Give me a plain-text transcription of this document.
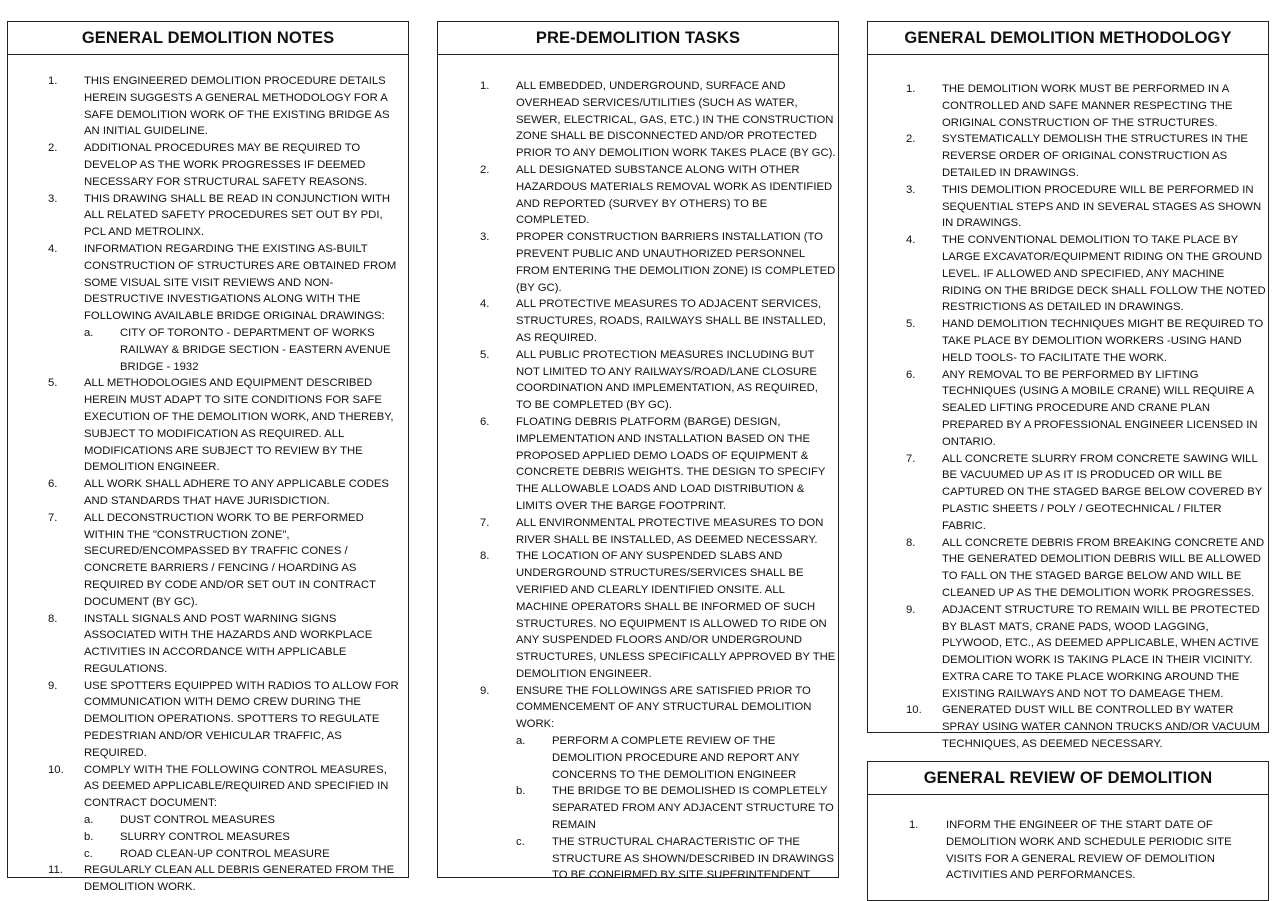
GENERAL DEMOLITION NOTES
1. THIS ENGINEERED DEMOLITION PROCEDURE DETAILS HEREIN SUGGESTS A GENERAL METHODOLOGY FOR A SAFE DEMOLITION WORK OF THE EXISTING BRIDGE AS AN INITIAL GUIDELINE.
2. ADDITIONAL PROCEDURES MAY BE REQUIRED TO DEVELOP AS THE WORK PROGRESSES IF DEEMED NECESSARY FOR STRUCTURAL SAFETY REASONS.
3. THIS DRAWING SHALL BE READ IN CONJUNCTION WITH ALL RELATED SAFETY PROCEDURES SET OUT BY PDI, PCL AND METROLINX.
4. INFORMATION REGARDING THE EXISTING AS-BUILT CONSTRUCTION OF STRUCTURES ARE OBTAINED FROM SOME VISUAL SITE VISIT REVIEWS AND NON-DESTRUCTIVE INVESTIGATIONS ALONG WITH THE FOLLOWING AVAILABLE BRIDGE ORIGINAL DRAWINGS:
a. CITY OF TORONTO - DEPARTMENT OF WORKS RAILWAY & BRIDGE SECTION - EASTERN AVENUE BRIDGE - 1932
5. ALL METHODOLOGIES AND EQUIPMENT DESCRIBED HEREIN MUST ADAPT TO SITE CONDITIONS FOR SAFE EXECUTION OF THE DEMOLITION WORK, AND THEREBY, SUBJECT TO MODIFICATION AS REQUIRED. ALL MODIFICATIONS ARE SUBJECT TO REVIEW BY THE DEMOLITION ENGINEER.
6. ALL WORK SHALL ADHERE TO ANY APPLICABLE CODES AND STANDARDS THAT HAVE JURISDICTION.
7. ALL DECONSTRUCTION WORK TO BE PERFORMED WITHIN THE "CONSTRUCTION ZONE", SECURED/ENCOMPASSED BY TRAFFIC CONES / CONCRETE BARRIERS / FENCING / HOARDING AS REQUIRED BY CODE AND/OR SET OUT IN CONTRACT DOCUMENT (BY GC).
8. INSTALL SIGNALS AND POST WARNING SIGNS ASSOCIATED WITH THE HAZARDS AND WORKPLACE ACTIVITIES IN ACCORDANCE WITH APPLICABLE REGULATIONS.
9. USE SPOTTERS EQUIPPED WITH RADIOS TO ALLOW FOR COMMUNICATION WITH DEMO CREW DURING THE DEMOLITION OPERATIONS. SPOTTERS TO REGULATE PEDESTRIAN AND/OR VEHICULAR TRAFFIC, AS REQUIRED.
10. COMPLY WITH THE FOLLOWING CONTROL MEASURES, AS DEEMED APPLICABLE/REQUIRED AND SPECIFIED IN CONTRACT DOCUMENT:
a. DUST CONTROL MEASURES
b. SLURRY CONTROL MEASURES
c. ROAD CLEAN-UP CONTROL MEASURE
11. REGULARLY CLEAN ALL DEBRIS GENERATED FROM THE DEMOLITION WORK.
PRE-DEMOLITION TASKS
1. ALL EMBEDDED, UNDERGROUND, SURFACE AND OVERHEAD SERVICES/UTILITIES (SUCH AS WATER, SEWER, ELECTRICAL, GAS, ETC.) IN THE CONSTRUCTION ZONE SHALL BE DISCONNECTED AND/OR PROTECTED PRIOR TO ANY DEMOLITION WORK TAKES PLACE (BY GC).
2. ALL DESIGNATED SUBSTANCE ALONG WITH OTHER HAZARDOUS MATERIALS REMOVAL WORK AS IDENTIFIED AND REPORTED (SURVEY BY OTHERS) TO BE COMPLETED.
3. PROPER CONSTRUCTION BARRIERS INSTALLATION (TO PREVENT PUBLIC AND UNAUTHORIZED PERSONNEL FROM ENTERING THE DEMOLITION ZONE) IS COMPLETED (BY GC).
4. ALL PROTECTIVE MEASURES TO ADJACENT SERVICES, STRUCTURES, ROADS, RAILWAYS SHALL BE INSTALLED, AS REQUIRED.
5. ALL PUBLIC PROTECTION MEASURES INCLUDING BUT NOT LIMITED TO ANY RAILWAYS/ROAD/LANE CLOSURE COORDINATION AND IMPLEMENTATION, AS REQUIRED, TO BE COMPLETED (BY GC).
6. FLOATING DEBRIS PLATFORM (BARGE) DESIGN, IMPLEMENTATION AND INSTALLATION BASED ON THE PROPOSED APPLIED DEMO LOADS OF EQUIPMENT & CONCRETE DEBRIS WEIGHTS. THE DESIGN TO SPECIFY THE ALLOWABLE LOADS AND LOAD DISTRIBUTION & LIMITS OVER THE BARGE FOOTPRINT.
7. ALL ENVIRONMENTAL PROTECTIVE MEASURES TO DON RIVER SHALL BE INSTALLED, AS DEEMED NECESSARY.
8. THE LOCATION OF ANY SUSPENDED SLABS AND UNDERGROUND STRUCTURES/SERVICES SHALL BE VERIFIED AND CLEARLY IDENTIFIED ONSITE. ALL MACHINE OPERATORS SHALL BE INFORMED OF SUCH STRUCTURES. NO EQUIPMENT IS ALLOWED TO RIDE ON ANY SUSPENDED FLOORS AND/OR UNDERGROUND STRUCTURES, UNLESS SPECIFICALLY APPROVED BY THE DEMOLITION ENGINEER.
9. ENSURE THE FOLLOWINGS ARE SATISFIED PRIOR TO COMMENCEMENT OF ANY STRUCTURAL DEMOLITION WORK:
a. PERFORM A COMPLETE REVIEW OF THE DEMOLITION PROCEDURE AND REPORT ANY CONCERNS TO THE DEMOLITION ENGINEER
b. THE BRIDGE TO BE DEMOLISHED IS COMPLETELY SEPARATED FROM ANY ADJACENT STRUCTURE TO REMAIN
c. THE STRUCTURAL CHARACTERISTIC OF THE STRUCTURE AS SHOWN/DESCRIBED IN DRAWINGS TO BE CONFIRMED BY SITE SUPERINTENDENT
GENERAL DEMOLITION METHODOLOGY
1. THE DEMOLITION WORK MUST BE PERFORMED IN A CONTROLLED AND SAFE MANNER RESPECTING THE ORIGINAL CONSTRUCTION OF THE STRUCTURES.
2. SYSTEMATICALLY DEMOLISH THE STRUCTURES IN THE REVERSE ORDER OF ORIGINAL CONSTRUCTION AS DETAILED IN DRAWINGS.
3. THIS DEMOLITION PROCEDURE WILL BE PERFORMED IN SEQUENTIAL STEPS AND IN SEVERAL STAGES AS SHOWN IN DRAWINGS.
4. THE CONVENTIONAL DEMOLITION TO TAKE PLACE BY LARGE EXCAVATOR/EQUIPMENT RIDING ON THE GROUND LEVEL. IF ALLOWED AND SPECIFIED, ANY MACHINE RIDING ON THE BRIDGE DECK SHALL FOLLOW THE NOTED RESTRICTIONS AS DETAILED IN DRAWINGS.
5. HAND DEMOLITION TECHNIQUES MIGHT BE REQUIRED TO TAKE PLACE BY DEMOLITION WORKERS -USING HAND HELD TOOLS- TO FACILITATE THE WORK.
6. ANY REMOVAL TO BE PERFORMED BY LIFTING TECHNIQUES (USING A MOBILE CRANE) WILL REQUIRE A SEALED LIFTING PROCEDURE AND CRANE PLAN PREPARED BY A PROFESSIONAL ENGINEER LICENSED IN ONTARIO.
7. ALL CONCRETE SLURRY FROM CONCRETE SAWING WILL BE VACUUMED UP AS IT IS PRODUCED OR WILL BE CAPTURED ON THE STAGED BARGE BELOW COVERED BY PLASTIC SHEETS / POLY / GEOTECHNICAL / FILTER FABRIC.
8. ALL CONCRETE DEBRIS FROM BREAKING CONCRETE AND THE GENERATED DEMOLITION DEBRIS WILL BE ALLOWED TO FALL ON THE STAGED BARGE BELOW AND WILL BE CLEANED UP AS THE DEMOLITION WORK PROGRESSES.
9. ADJACENT STRUCTURE TO REMAIN WILL BE PROTECTED BY BLAST MATS, CRANE PADS, WOOD LAGGING, PLYWOOD, ETC., AS DEEMED APPLICABLE, WHEN ACTIVE DEMOLITION WORK IS TAKING PLACE IN THEIR VICINITY. EXTRA CARE TO TAKE PLACE WORKING AROUND THE EXISTING RAILWAYS AND NOT TO DAMEAGE THEM.
10. GENERATED DUST WILL BE CONTROLLED BY WATER SPRAY USING WATER CANNON TRUCKS AND/OR VACUUM TECHNIQUES, AS DEEMED NECESSARY.
GENERAL REVIEW OF DEMOLITION
1. INFORM THE ENGINEER OF THE START DATE OF DEMOLITION WORK AND SCHEDULE PERIODIC SITE VISITS FOR A GENERAL REVIEW OF DEMOLITION ACTIVITIES AND PERFORMANCES.
